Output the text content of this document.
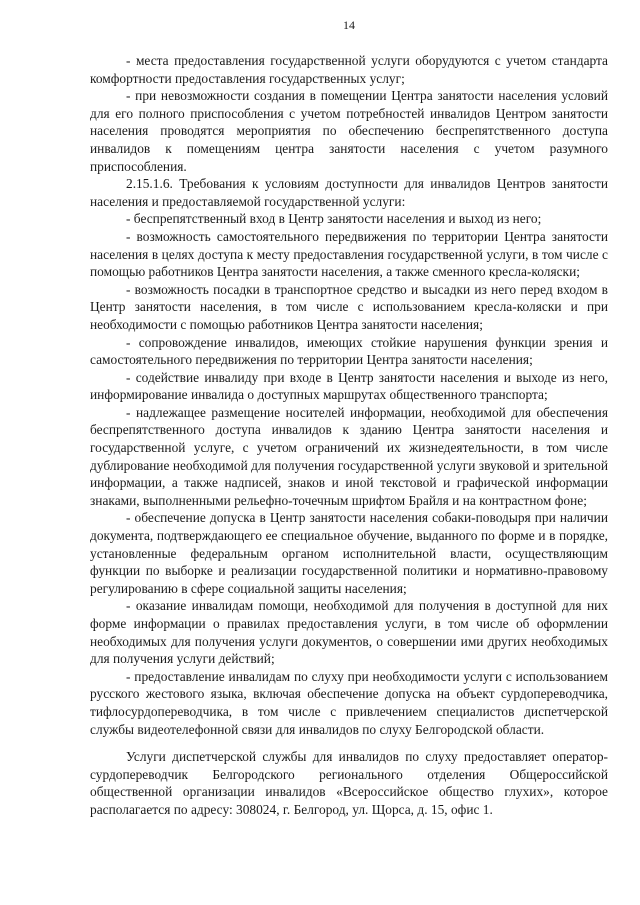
14

- места предоставления государственной услуги оборудуются с учетом стандарта комфортности предоставления государственных услуг;

- при невозможности создания в помещении Центра занятости населения условий для его полного приспособления с учетом потребностей инвалидов Центром занятости населения проводятся мероприятия по обеспечению беспрепятственного доступа инвалидов к помещениям центра занятости населения с учетом разумного приспособления.

2.15.1.6. Требования к условиям доступности для инвалидов Центров занятости населения и предоставляемой государственной услуги:

- беспрепятственный вход в Центр занятости населения и выход из него;

- возможность самостоятельного передвижения по территории Центра занятости населения в целях доступа к месту предоставления государственной услуги, в том числе с помощью работников Центра занятости населения, а также сменного кресла-коляски;

- возможность посадки в транспортное средство и высадки из него перед входом в Центр занятости населения, в том числе с использованием кресла-коляски и при необходимости с помощью работников Центра занятости населения;

- сопровождение инвалидов, имеющих стойкие нарушения функции зрения и самостоятельного передвижения по территории Центра занятости населения;

- содействие инвалиду при входе в Центр занятости населения и выходе из него, информирование инвалида о доступных маршрутах общественного транспорта;

- надлежащее размещение носителей информации, необходимой для обеспечения беспрепятственного доступа инвалидов к зданию Центра занятости населения и государственной услуге, с учетом ограничений их жизнедеятельности, в том числе дублирование необходимой для получения государственной услуги звуковой и зрительной информации, а также надписей, знаков и иной текстовой и графической информации знаками, выполненными рельефно-точечным шрифтом Брайля и на контрастном фоне;

- обеспечение допуска в Центр занятости населения собаки-поводыря при наличии документа, подтверждающего ее специальное обучение, выданного по форме и в порядке, установленные федеральным органом исполнительной власти, осуществляющим функции по выборке и реализации государственной политики и нормативно-правовому регулированию в сфере социальной защиты населения;

- оказание инвалидам помощи, необходимой для получения в доступной для них форме информации о правилах предоставления услуги, в том числе об оформлении необходимых для получения услуги документов, о совершении ими других необходимых для получения услуги действий;

- предоставление инвалидам по слуху при необходимости услуги с использованием русского жестового языка, включая обеспечение допуска на объект сурдопереводчика, тифлосурдопереводчика, в том числе с привлечением специалистов диспетчерской службы видеотелефонной связи для инвалидов по слуху Белгородской области.

Услуги диспетчерской службы для инвалидов по слуху предоставляет оператор-сурдопереводчик Белгородского регионального отделения Общероссийской общественной организации инвалидов «Всероссийское общество глухих», которое располагается по адресу: 308024, г. Белгород, ул. Щорса, д. 15, офис 1.
